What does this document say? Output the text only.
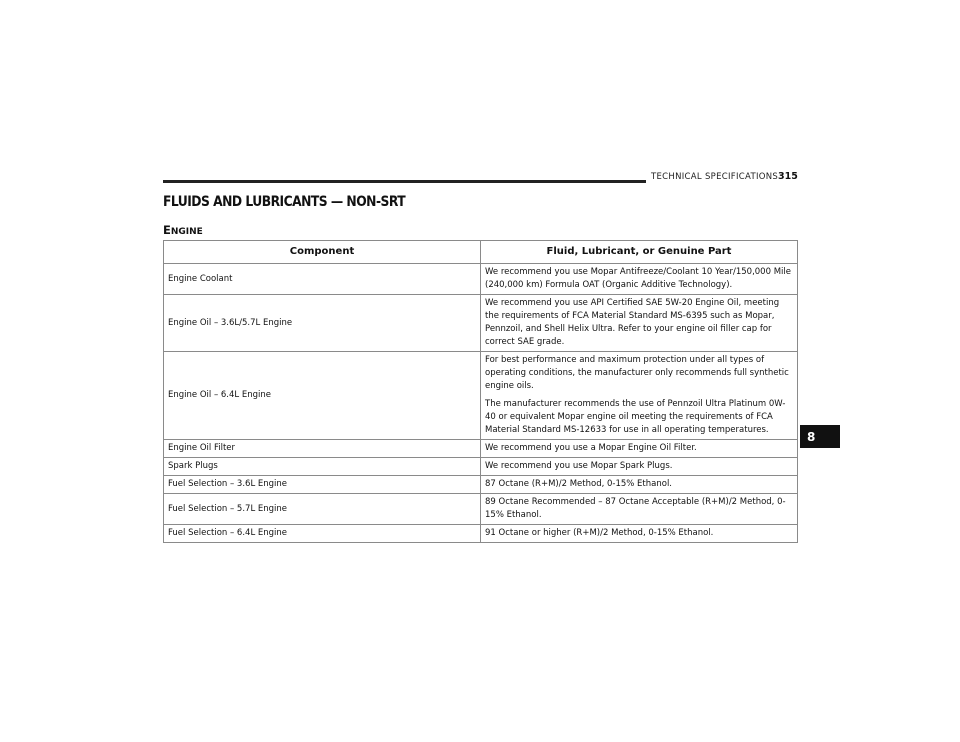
TECHNICAL SPECIFICATIONS 315
FLUIDS AND LUBRICANTS — NON-SRT
ENGINE
Component	Fluid, Lubricant, or Genuine Part
Engine Coolant	We recommend you use Mopar Antifreeze/Coolant 10 Year/150,000 Mile (240,000 km) Formula OAT (Organic Additive Technology).

Engine Oil – 3.6L/5.7L Engine	We recommend you use API Certified SAE 5W-20 Engine Oil, meeting the requirements of FCA Material Standard MS-6395 such as Mopar, Pennzoil, and Shell Helix Ultra. Refer to your engine oil filler cap for correct SAE grade.

Engine Oil – 6.4L Engine	For best performance and maximum protection under all types of operating conditions, the manufacturer only recommends full synthetic engine oils.

The manufacturer recommends the use of Pennzoil Ultra Platinum 0W-40 or equivalent Mopar engine oil meeting the requirements of FCA Material Standard MS-12633 for use in all operating temperatures.

Engine Oil Filter	We recommend you use a Mopar Engine Oil Filter.

Spark Plugs	We recommend you use Mopar Spark Plugs.

Fuel Selection – 3.6L Engine	87 Octane (R+M)/2 Method, 0-15% Ethanol.

Fuel Selection – 5.7L Engine	89 Octane Recommended – 87 Octane Acceptable (R+M)/2 Method, 0-15% Ethanol.

Fuel Selection – 6.4L Engine	91 Octane or higher (R+M)/2 Method, 0-15% Ethanol.

8
